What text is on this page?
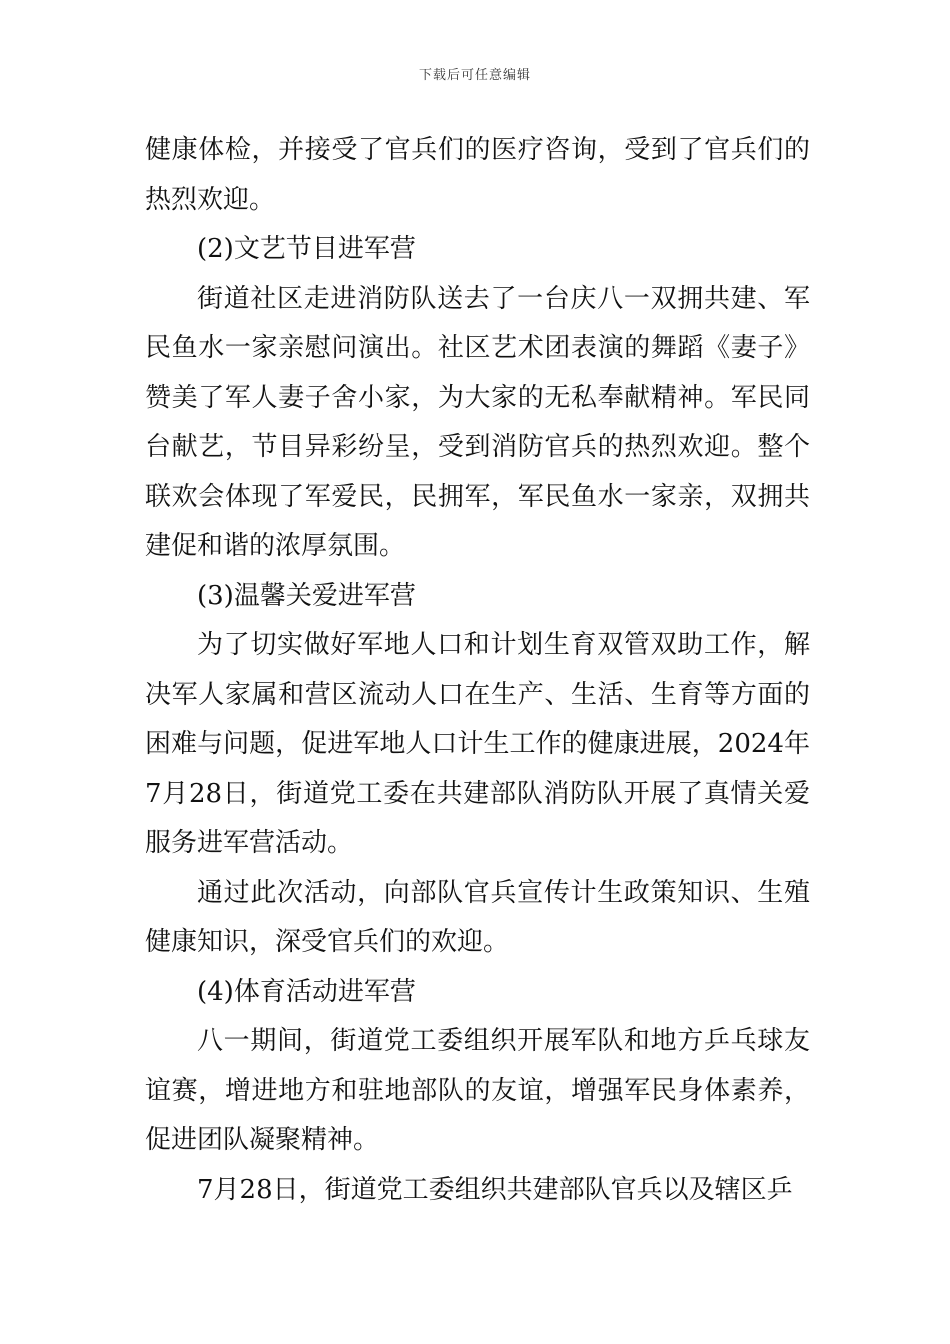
下载后可任意编辑

健康体检，并接受了官兵们的医疗咨询，受到了官兵们的热烈欢迎。

(2)文艺节目进军营

街道社区走进消防队送去了一台庆八一双拥共建、军民鱼水一家亲慰问演出。社区艺术团表演的舞蹈《妻子》赞美了军人妻子舍小家，为大家的无私奉献精神。军民同台献艺，节目异彩纷呈，受到消防官兵的热烈欢迎。整个联欢会体现了军爱民，民拥军，军民鱼水一家亲，双拥共建促和谐的浓厚氛围。

(3)温馨关爱进军营

为了切实做好军地人口和计划生育双管双助工作，解决军人家属和营区流动人口在生产、生活、生育等方面的困难与问题，促进军地人口计生工作的健康进展，2024年7月28日，街道党工委在共建部队消防队开展了真情关爱服务进军营活动。

通过此次活动，向部队官兵宣传计生政策知识、生殖健康知识，深受官兵们的欢迎。

(4)体育活动进军营

八一期间，街道党工委组织开展军队和地方乒乓球友谊赛，增进地方和驻地部队的友谊，增强军民身体素养，促进团队凝聚精神。

7月28日，街道党工委组织共建部队官兵以及辖区乒
